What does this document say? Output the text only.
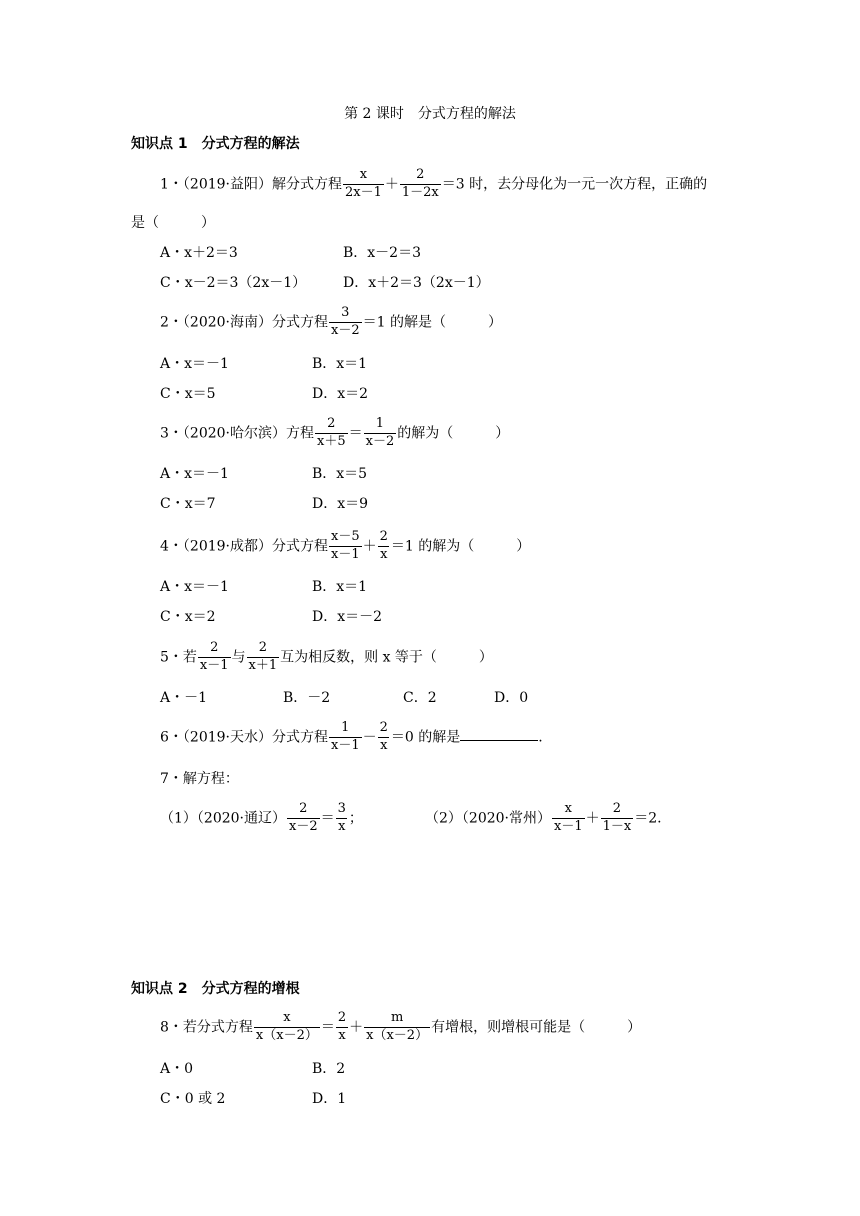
第 2 课时　分式方程的解法
知识点 1　分式方程的解法
1・（2019·益阳）解分式方程 $\frac{x}{2x-1} + \frac{2}{1-2x} =3$ 时，去分母化为一元一次方程，正确的
是（　　　）
A・x＋2＝3	B．x－2＝3
C・x－2＝3（2x－1）	D．x＋2＝3（2x－1）
2・（2020·海南）分式方程 $\frac{3}{x-2} =1$ 的解是（　　　）
A・x＝－1	B．x＝1
C・x＝5	D．x＝2
3・（2020·哈尔滨）方程 $\frac{2}{x+5} = \frac{1}{x-2}$ 的解为（　　　）
A・x＝－1	B．x＝5
C・x＝7	D．x＝9
4・（2019·成都）分式方程 $\frac{x-5}{x-1} + \frac{2}{x} =1$ 的解为（　　　）
A・x＝－1	B．x＝1
C・x＝2	D．x＝－2
5・若 $\frac{2}{x-1}$ 与 $\frac{2}{x+1}$ 互为相反数，则 x 等于（　　　）
A・－1	B．－2	C．2	D．0
6・（2019·天水）分式方程 $\frac{1}{x-1} - \frac{2}{x} =0$ 的解是	.
7・解方程：
（1）（2020·通辽） $\frac{2}{x-2} = \frac{3}{x}$ ；	（2）（2020·常州） $\frac{x}{x-1} + \frac{2}{1-x} =2$.
知识点 2　分式方程的增根
8・若分式方程 $\frac{x}{x(x-2)} = \frac{2}{x} + \frac{m}{x(x-2)}$ 有增根，则增根可能是（　　　）
A・0	B．2
C・0 或 2	D．1
